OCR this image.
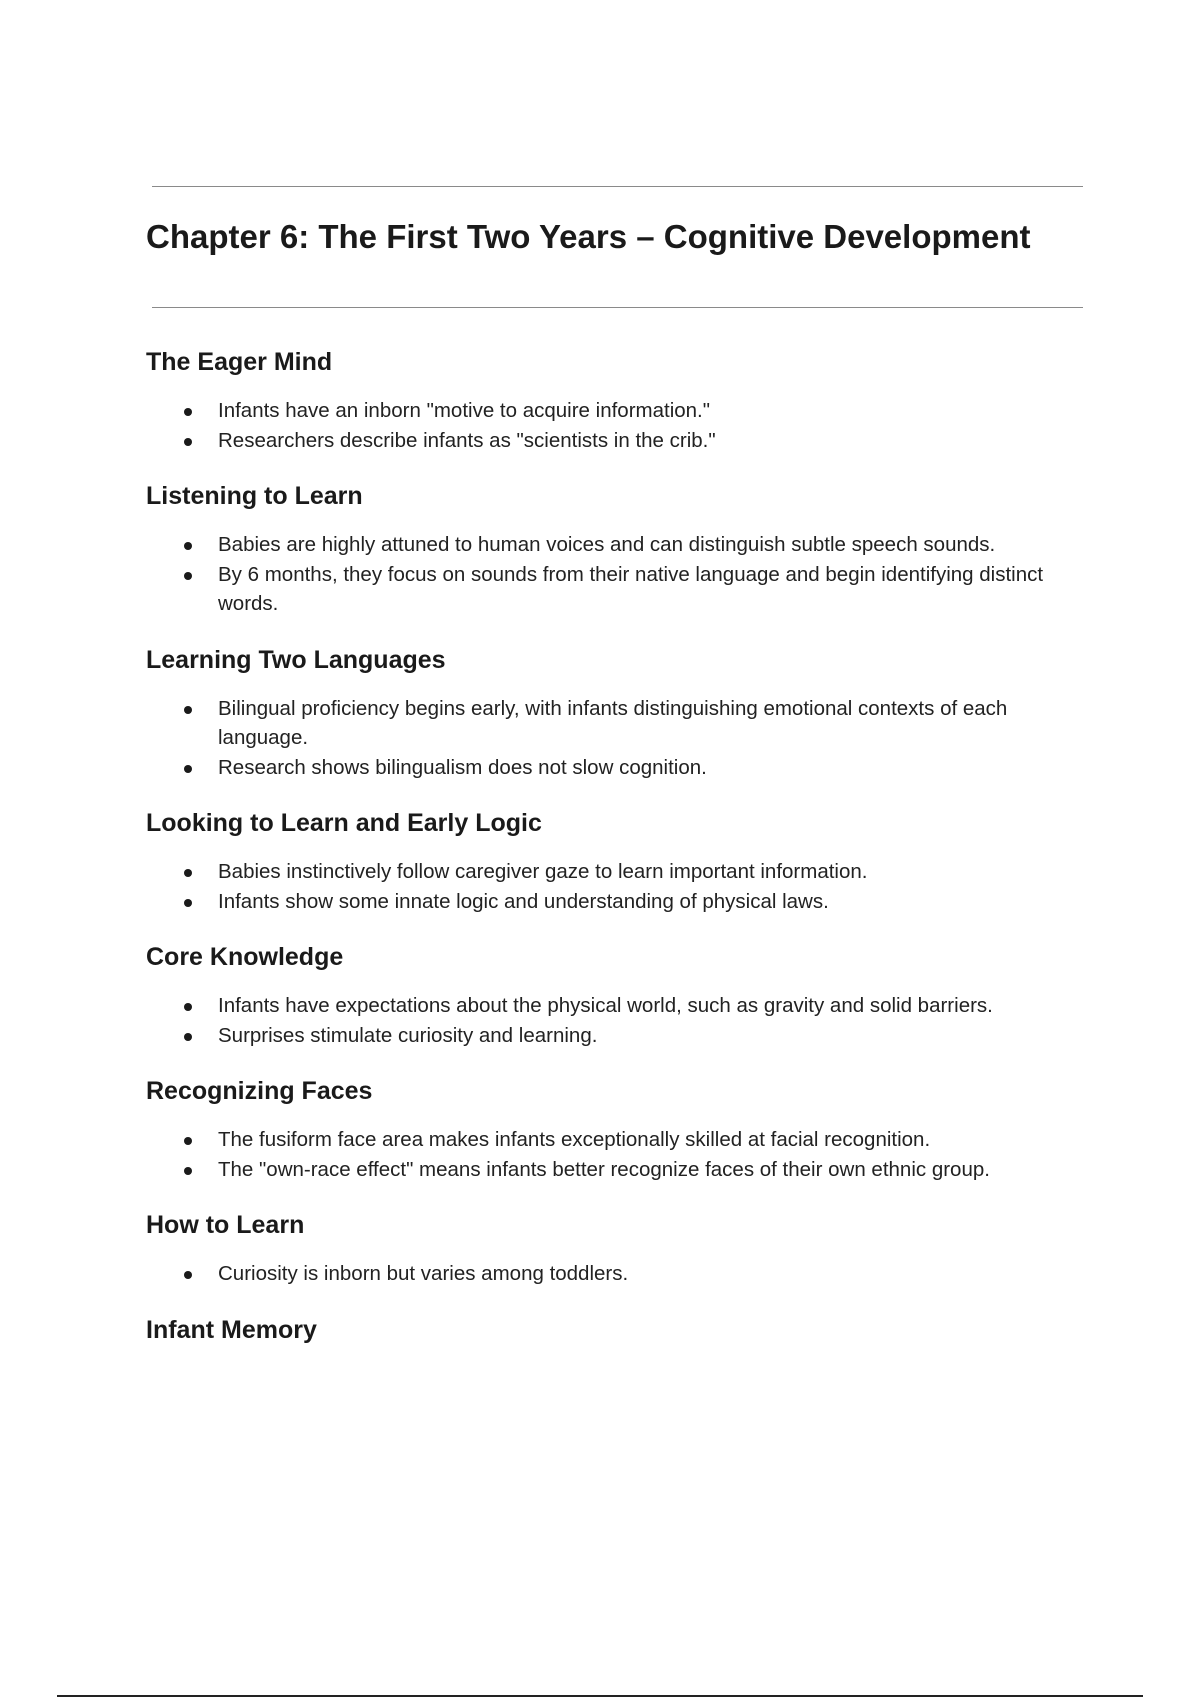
Chapter 6: The First Two Years – Cognitive Development
The Eager Mind
Infants have an inborn "motive to acquire information."
Researchers describe infants as "scientists in the crib."
Listening to Learn
Babies are highly attuned to human voices and can distinguish subtle speech sounds.
By 6 months, they focus on sounds from their native language and begin identifying distinct words.
Learning Two Languages
Bilingual proficiency begins early, with infants distinguishing emotional contexts of each language.
Research shows bilingualism does not slow cognition.
Looking to Learn and Early Logic
Babies instinctively follow caregiver gaze to learn important information.
Infants show some innate logic and understanding of physical laws.
Core Knowledge
Infants have expectations about the physical world, such as gravity and solid barriers.
Surprises stimulate curiosity and learning.
Recognizing Faces
The fusiform face area makes infants exceptionally skilled at facial recognition.
The "own-race effect" means infants better recognize faces of their own ethnic group.
How to Learn
Curiosity is inborn but varies among toddlers.
Infant Memory
